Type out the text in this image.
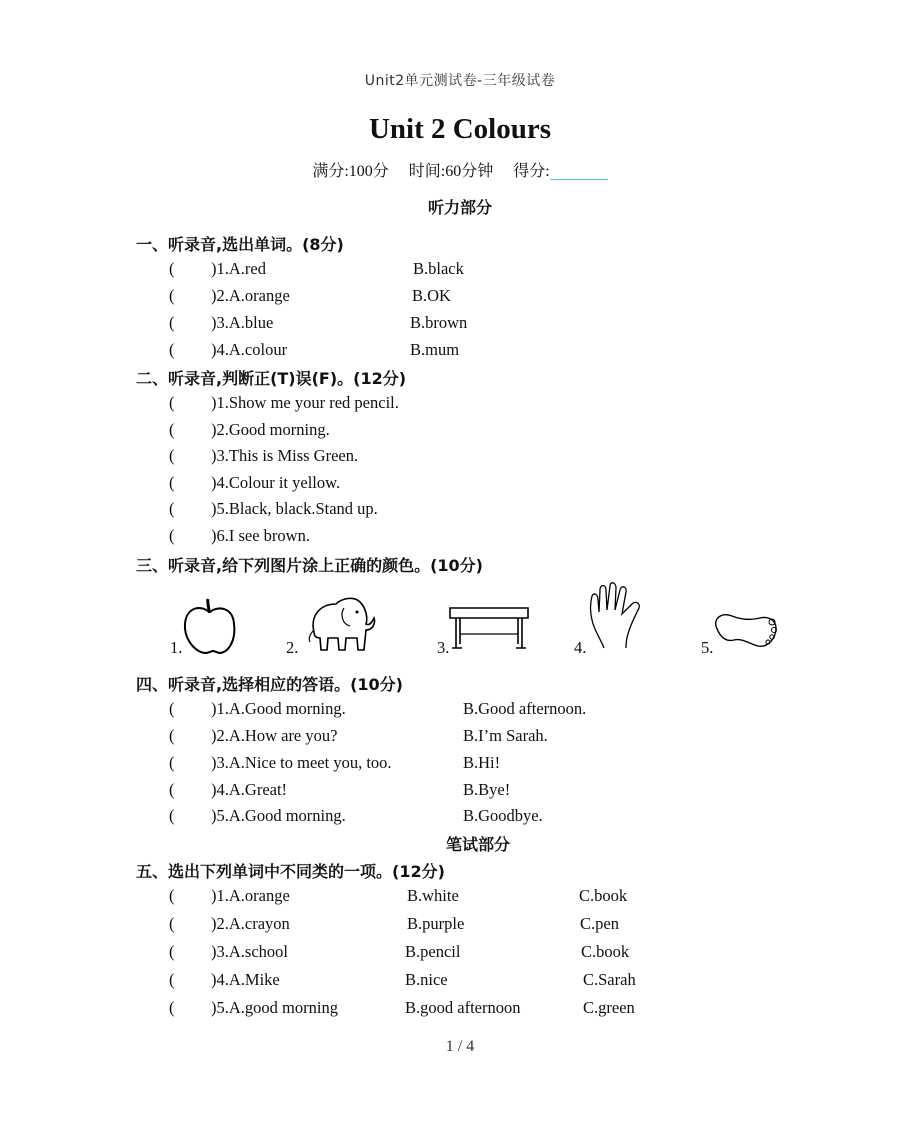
Unit2单元测试卷-三年级试卷
Unit 2 Colours
满分:100分 时间:60分钟 得分:
听力部分
一、听录音,选出单词。(8分)
( )1.A.red	B.black
( )2.A.orange	B.OK
( )3.A.blue	B.brown
( )4.A.colour	B.mum
二、听录音,判断正(T)误(F)。(12分)
( )1.Show me your red pencil.
( )2.Good morning.
( )3.This is Miss Green.
( )4.Colour it yellow.
( )5.Black, black.Stand up.
( )6.I see brown.
三、听录音,给下列图片涂上正确的颜色。(10分)
1.	2.	3.	4.	5.
四、听录音,选择相应的答语。(10分)
( )1.A.Good morning.	B.Good afternoon.
( )2.A.How are you?	B.I’m Sarah.
( )3.A.Nice to meet you, too.	B.Hi!
( )4.A.Great!	B.Bye!
( )5.A.Good morning.	B.Goodbye.
笔试部分
五、选出下列单词中不同类的一项。(12分)
( )1.A.orange	B.white	C.book
( )2.A.crayon	B.purple	C.pen
( )3.A.school	B.pencil	C.book
( )4.A.Mike	B.nice	C.Sarah
( )5.A.good morning	B.good afternoon	C.green
1 / 4
